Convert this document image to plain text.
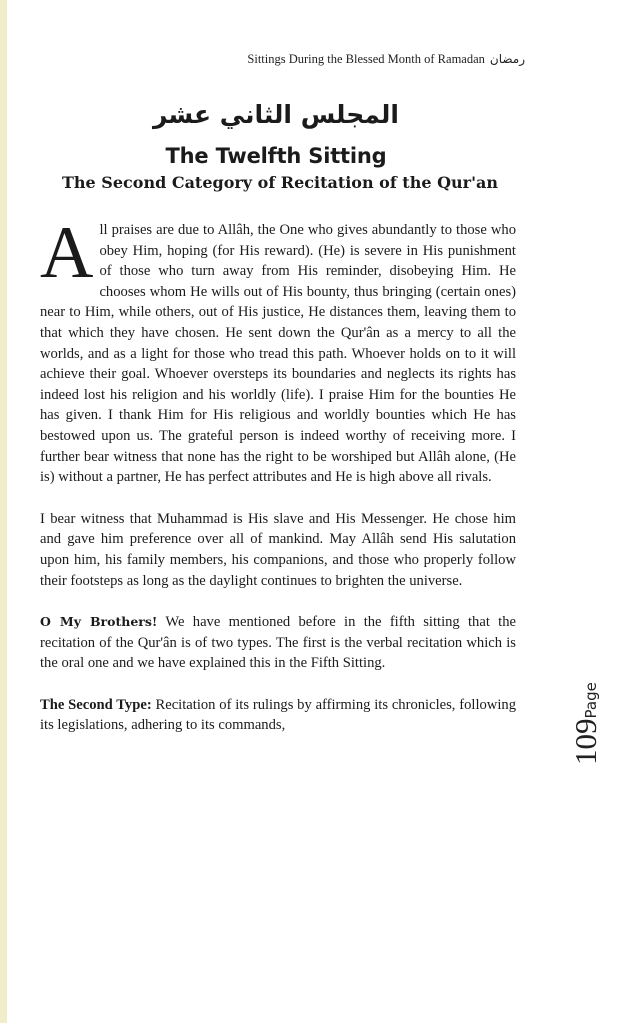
Sittings During the Blessed Month of Ramadan رمضان
المجلس الثاني عشر
The Twelfth Sitting
The Second Category of Recitation of the Qur'an

All praises are due to Allâh, the One who gives abundantly to those who obey Him, hoping (for His reward). (He) is severe in His punishment of those who turn away from His reminder, disobeying Him. He chooses whom He wills out of His bounty, thus bringing (certain ones) near to Him, while others, out of His justice, He distances them, leaving them to that which they have chosen. He sent down the Qur'ân as a mercy to all the worlds, and as a light for those who tread this path. Whoever holds on to it will achieve their goal. Whoever oversteps its boundaries and neglects its rights has indeed lost his religion and his worldly (life). I praise Him for the bounties He has given. I thank Him for His religious and worldly bounties which He has bestowed upon us. The grateful person is indeed worthy of receiving more. I further bear witness that none has the right to be worshiped but Allâh alone, (He is) without a partner, He has perfect attributes and He is high above all rivals.

I bear witness that Muhammad is His slave and His Messenger. He chose him and gave him preference over all of mankind. May Allâh send His salutation upon him, his family members, his companions, and those who properly follow their footsteps as long as the daylight continues to brighten the universe.

O My Brothers! We have mentioned before in the fifth sitting that the recitation of the Qur'ân is of two types. The first is the verbal recitation which is the oral one and we have explained this in the Fifth Sitting.

The Second Type: Recitation of its rulings by affirming its chronicles, following its legislations, adhering to its commands,	109Page
